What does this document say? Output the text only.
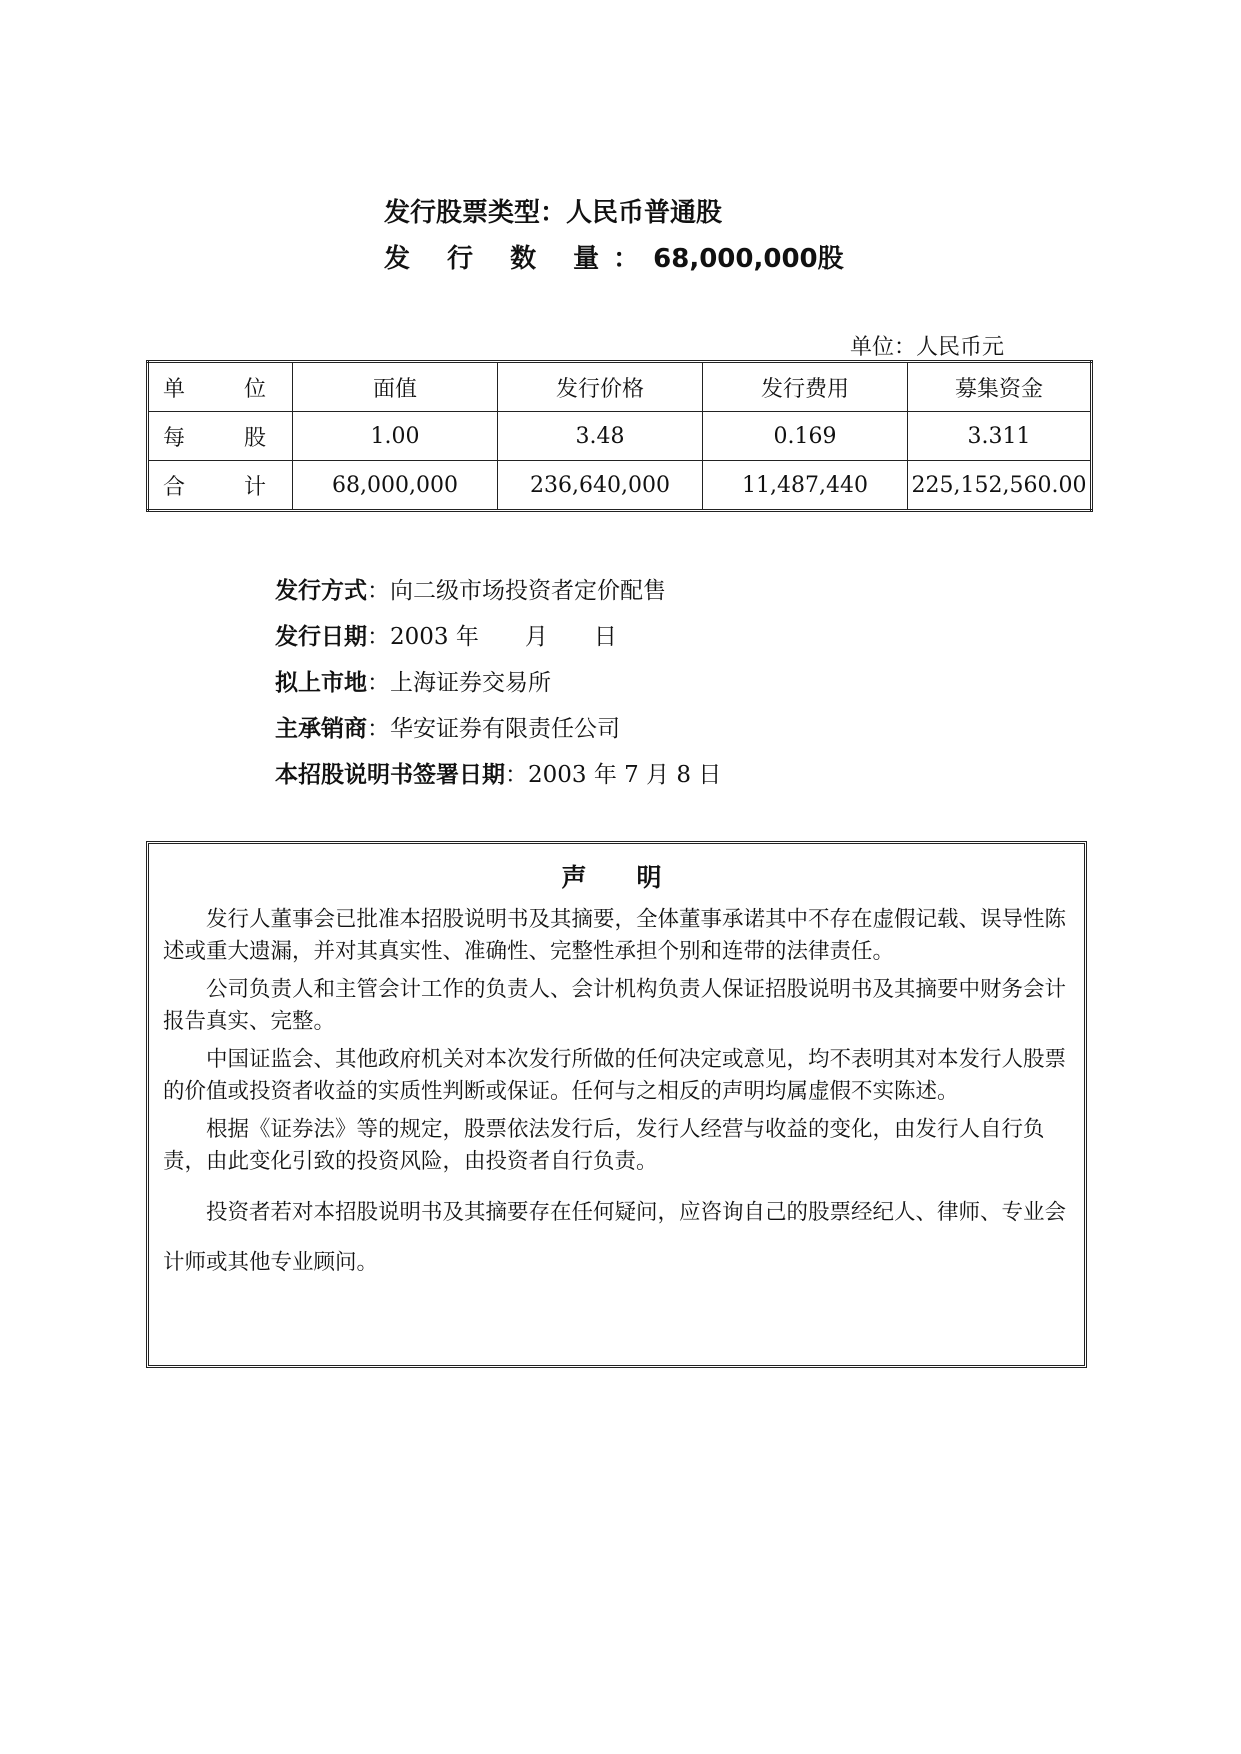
发行股票类型：人民币普通股
发 行 数 量：68,000,000股
单位：人民币元
单 位	面值	发行价格	发行费用	募集资金
每 股	1.00	3.48	0.169	3.311
合 计	68,000,000	236,640,000	11,487,440	225,152,560.00
发行方式：向二级市场投资者定价配售
发行日期：2003 年　　月　　日
拟上市地：上海证券交易所
主承销商：华安证券有限责任公司
本招股说明书签署日期：2003 年 7 月 8 日
声明

发行人董事会已批准本招股说明书及其摘要，全体董事承诺其中不存在虚假记载、误导性陈述或重大遗漏，并对其真实性、准确性、完整性承担个别和连带的法律责任。

公司负责人和主管会计工作的负责人、会计机构负责人保证招股说明书及其摘要中财务会计报告真实、完整。

中国证监会、其他政府机关对本次发行所做的任何决定或意见，均不表明其对本发行人股票的价值或投资者收益的实质性判断或保证。任何与之相反的声明均属虚假不实陈述。

根据《证券法》等的规定，股票依法发行后，发行人经营与收益的变化，由发行人自行负责，由此变化引致的投资风险，由投资者自行负责。

投资者若对本招股说明书及其摘要存在任何疑问，应咨询自己的股票经纪人、律师、专业会计师或其他专业顾问。
